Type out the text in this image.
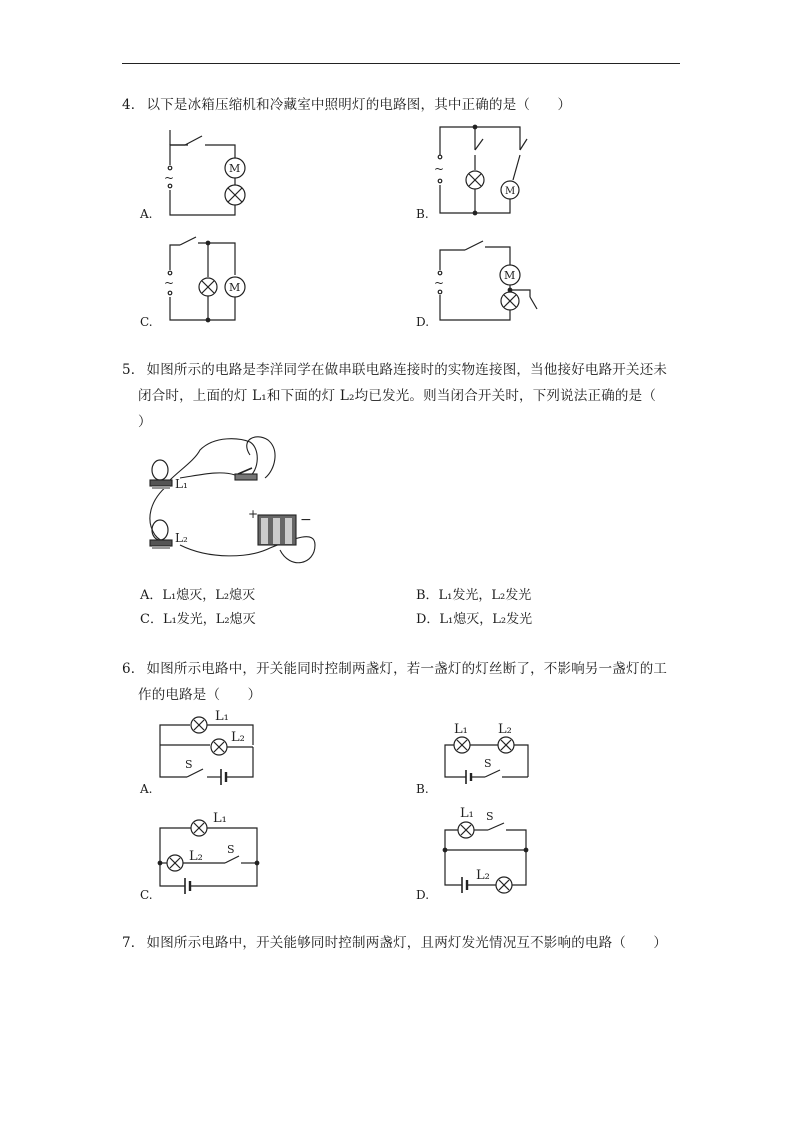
4． 以下是冰箱压缩机和冷藏室中照明灯的电路图，其中正确的是（　　）
M
~
A.
M
~
B.
M
~
C.
M
~
D.
5． 如图所示的电路是李洋同学在做串联电路连接时的实物连接图，当他接好电路开关还未
闭合时，上面的灯 L₁和下面的灯 L₂均已发光。则当闭合开关时，下列说法正确的是（
）
L₁
L₂
+	−
A．L₁熄灭，L₂熄灭	B．L₁发光，L₂发光
C．L₁发光，L₂熄灭	D．L₁熄灭，L₂发光
6． 如图所示电路中，开关能同时控制两盏灯，若一盏灯的灯丝断了，不影响另一盏灯的工
作的电路是（　　）
L₁
L₂
S
A.
L₁ L₂
S
B.
L₁
L₂ S
C.
L₁ S
L₂
D.
7． 如图所示电路中，开关能够同时控制两盏灯，且两灯发光情况互不影响的电路（　　）
